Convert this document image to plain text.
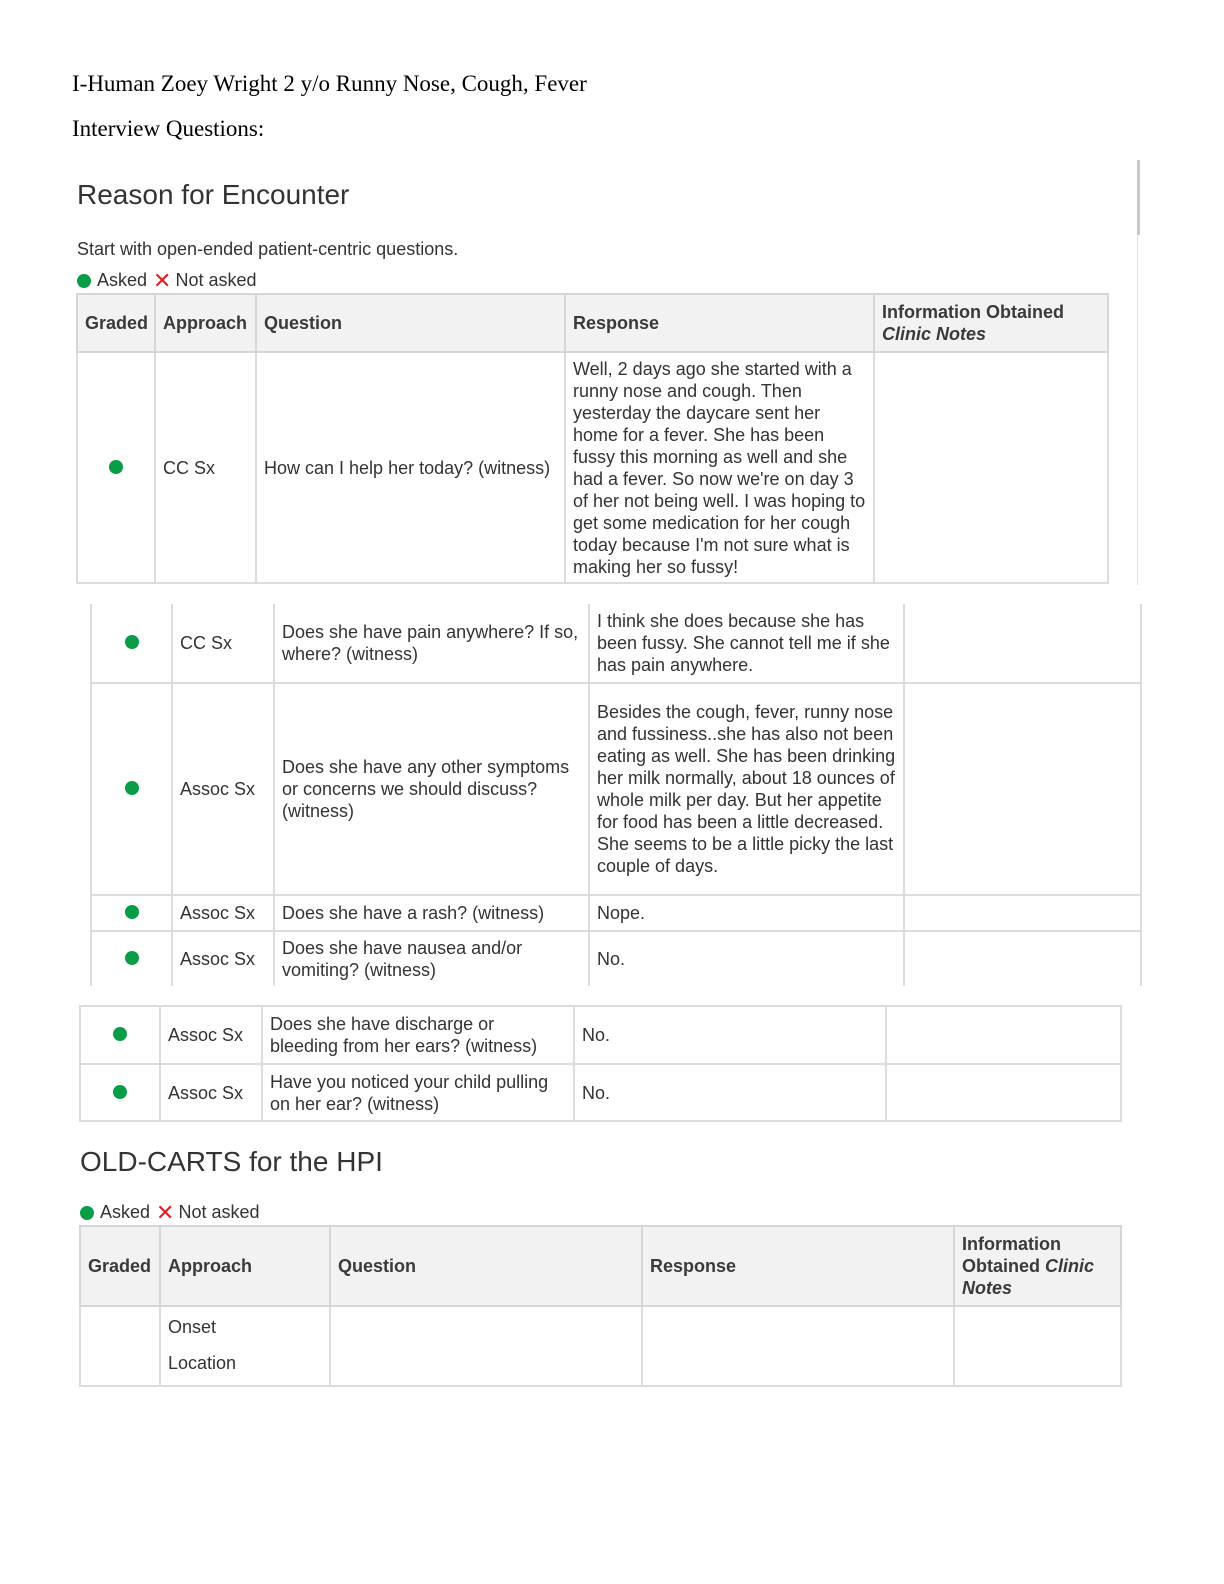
I-Human Zoey Wright 2 y/o Runny Nose, Cough, Fever
Interview Questions:
Reason for Encounter
Start with open-ended patient-centric questions.
Asked ✕ Not asked
Graded	Approach	Question	Response	Information Obtained
Clinic Notes

	CC Sx	How can I help her today? (witness)	Well, 2 days ago she started with a runny nose and cough. Then yesterday the daycare sent her home for a fever. She has been fussy this morning as well and she had a fever. So now we're on day 3 of her not being well. I was hoping to get some medication for her cough today because I'm not sure what is making her so fussy!	
	CC Sx	Does she have pain anywhere? If so, where? (witness)	I think she does because she has been fussy. She cannot tell me if she has pain anywhere.	
	Assoc Sx	Does she have any other symptoms or concerns we should discuss? (witness)	Besides the cough, fever, runny nose and fussiness..she has also not been eating as well. She has been drinking her milk normally, about 18 ounces of whole milk per day. But her appetite for food has been a little decreased. She seems to be a little picky the last couple of days.	
	Assoc Sx	Does she have a rash? (witness)	Nope.	
	Assoc Sx	Does she have nausea and/or vomiting? (witness)	No.	
	Assoc Sx	Does she have discharge or bleeding from her ears? (witness)	No.	
	Assoc Sx	Have you noticed your child pulling on her ear? (witness)	No.	
OLD-CARTS for the HPI
Asked ✕ Not asked
Graded	Approach	Question	Response	Information
Obtained Clinic
Notes

	Onset
Location			
